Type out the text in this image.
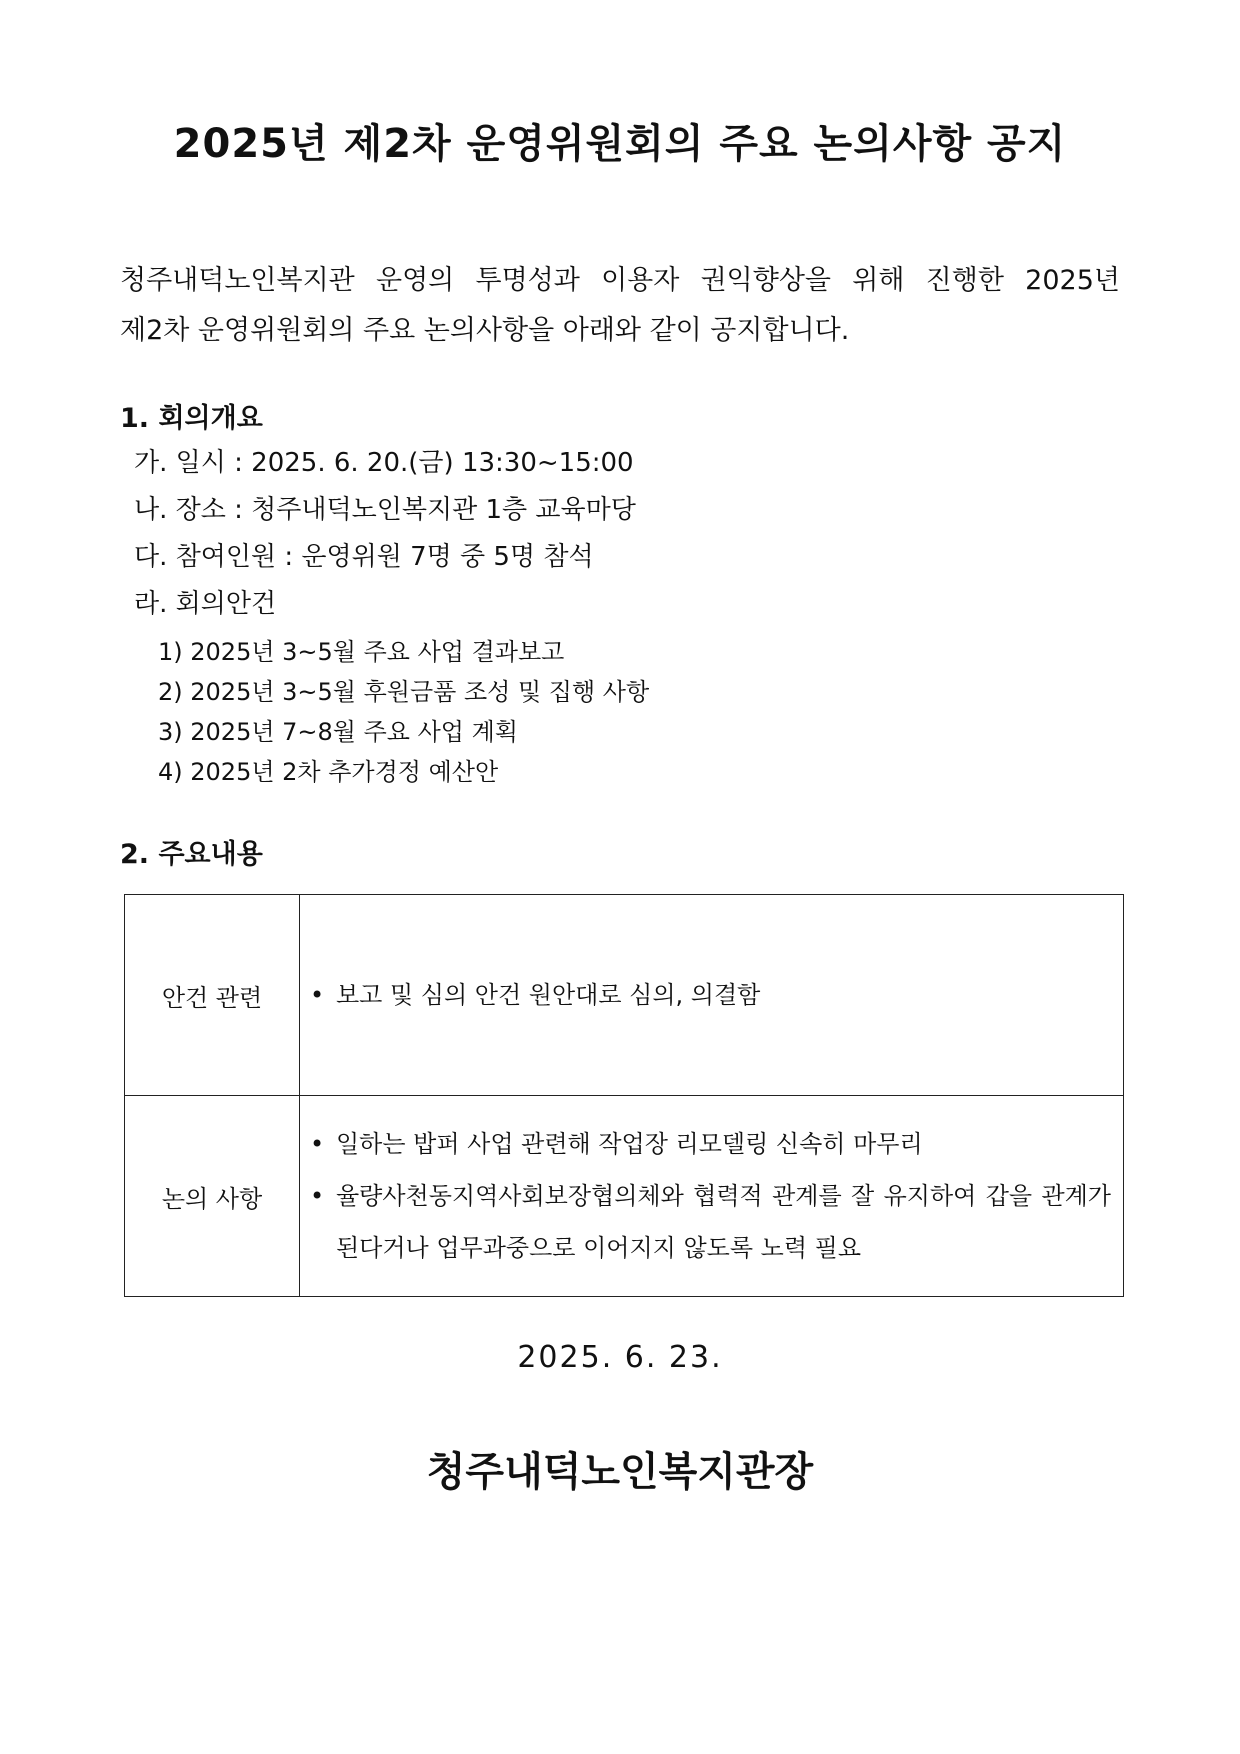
2025년 제2차 운영위원회의 주요 논의사항 공지
청주내덕노인복지관 운영의 투명성과 이용자 권익향상을 위해 진행한 2025년
제2차 운영위원회의 주요 논의사항을 아래와 같이 공지합니다.
1. 회의개요
가. 일시 : 2025. 6. 20.(금) 13:30~15:00
나. 장소 : 청주내덕노인복지관 1층 교육마당
다. 참여인원 : 운영위원 7명 중 5명 참석
라. 회의안건
1) 2025년 3~5월 주요 사업 결과보고
2) 2025년 3~5월 후원금품 조성 및 집행 사항
3) 2025년 7~8월 주요 사업 계획
4) 2025년 2차 추가경정 예산안
2. 주요내용
안건 관련	• 보고 및 심의 안건 원안대로 심의, 의결함

논의 사항	• 일하는 밥퍼 사업 관련해 작업장 리모델링 신속히 마무리
• 율량사천동지역사회보장협의체와 협력적 관계를 잘 유지하여 갑을 관계가 된다거나 업무과중으로 이어지지 않도록 노력 필요
2025. 6. 23.
청주내덕노인복지관장
